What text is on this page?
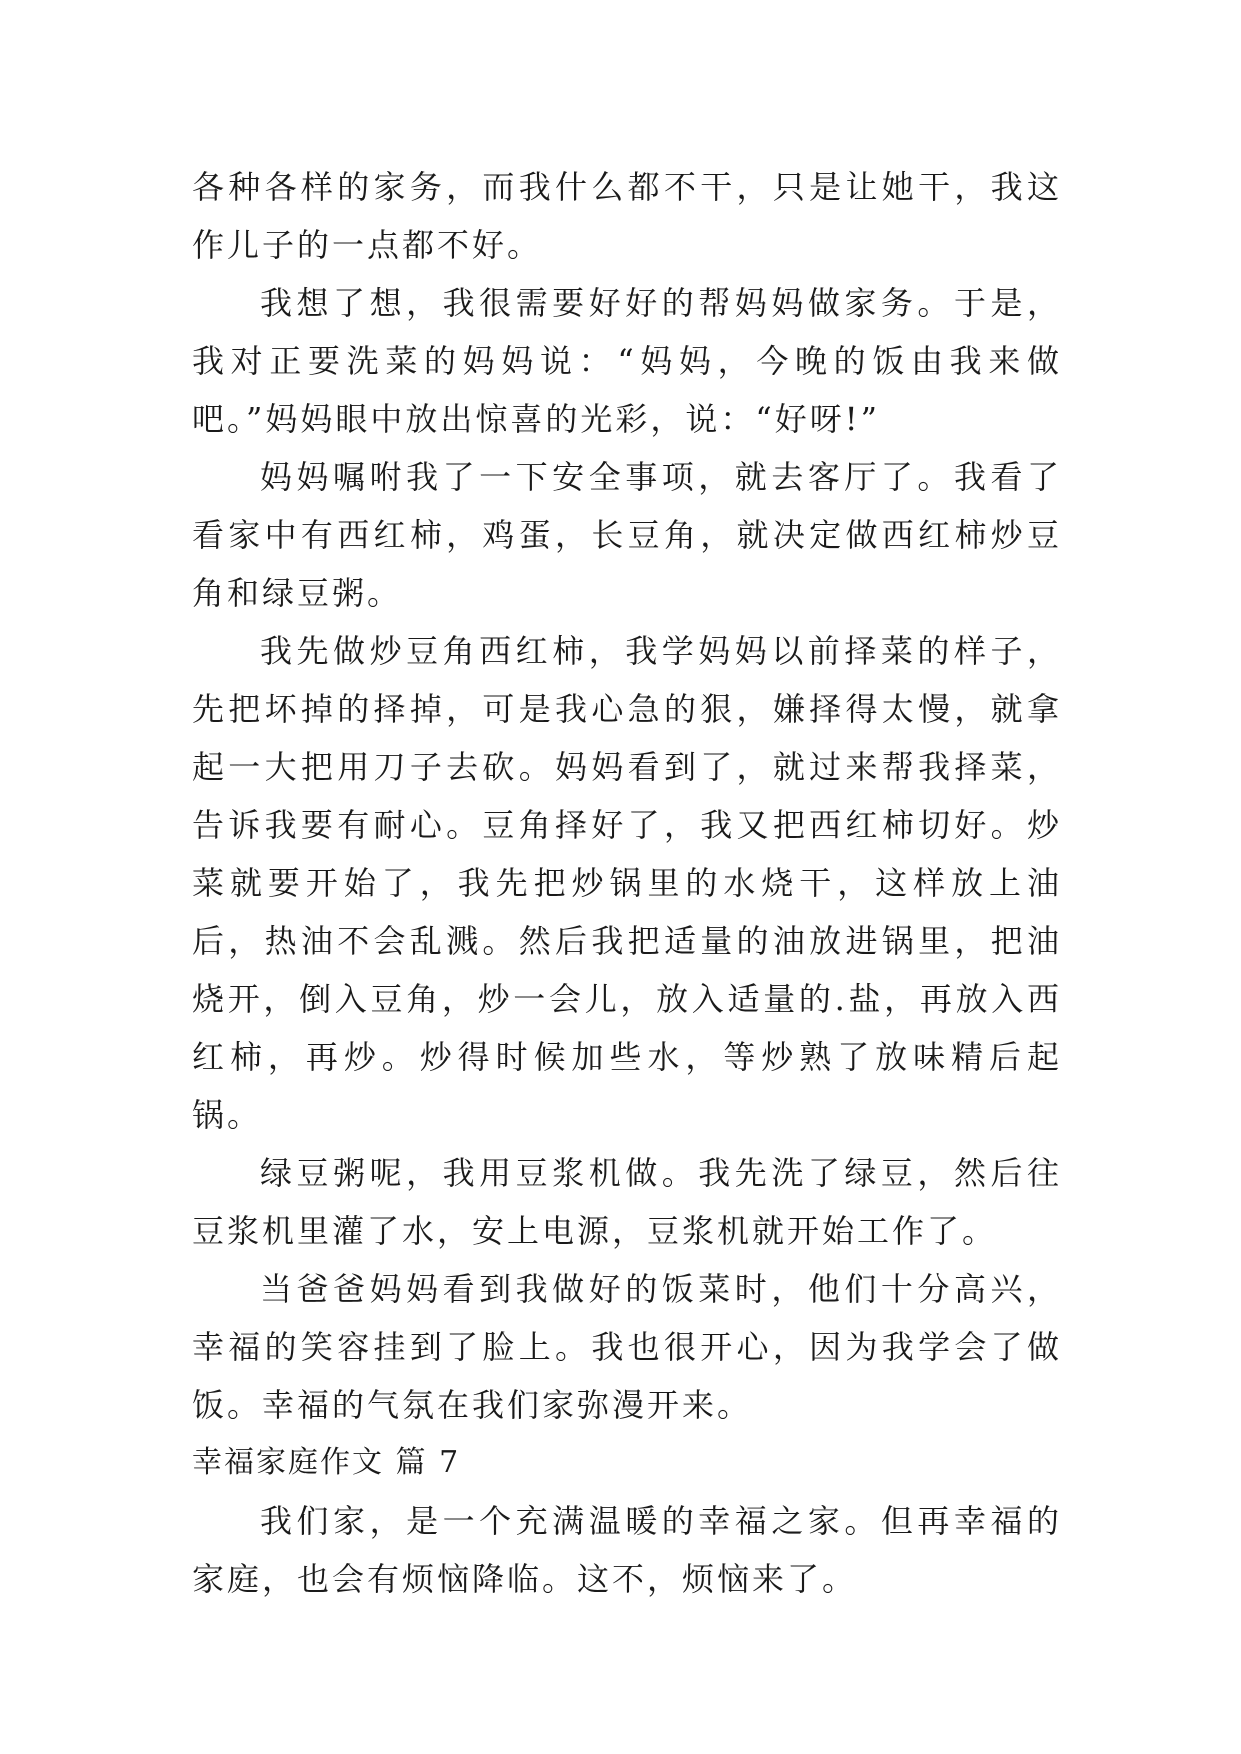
各种各样的家务，而我什么都不干，只是让她干，我这作儿子的一点都不好。

我想了想，我很需要好好的帮妈妈做家务。于是，我对正要洗菜的妈妈说：“妈妈，今晚的饭由我来做吧。”妈妈眼中放出惊喜的光彩，说：“好呀!”

妈妈嘱咐我了一下安全事项，就去客厅了。我看了看家中有西红柿，鸡蛋，长豆角，就决定做西红柿炒豆角和绿豆粥。

我先做炒豆角西红柿，我学妈妈以前择菜的样子，先把坏掉的择掉，可是我心急的狠，嫌择得太慢，就拿起一大把用刀子去砍。妈妈看到了，就过来帮我择菜，告诉我要有耐心。豆角择好了，我又把西红柿切好。炒菜就要开始了，我先把炒锅里的水烧干，这样放上油后，热油不会乱溅。然后我把适量的油放进锅里，把油烧开，倒入豆角，炒一会儿，放入适量的.盐，再放入西红柿，再炒。炒得时候加些水，等炒熟了放味精后起锅。

绿豆粥呢，我用豆浆机做。我先洗了绿豆，然后往豆浆机里灌了水，安上电源，豆浆机就开始工作了。

当爸爸妈妈看到我做好的饭菜时，他们十分高兴，幸福的笑容挂到了脸上。我也很开心，因为我学会了做饭。幸福的气氛在我们家弥漫开来。

幸福家庭作文 篇 7

我们家，是一个充满温暖的幸福之家。但再幸福的家庭，也会有烦恼降临。这不，烦恼来了。
